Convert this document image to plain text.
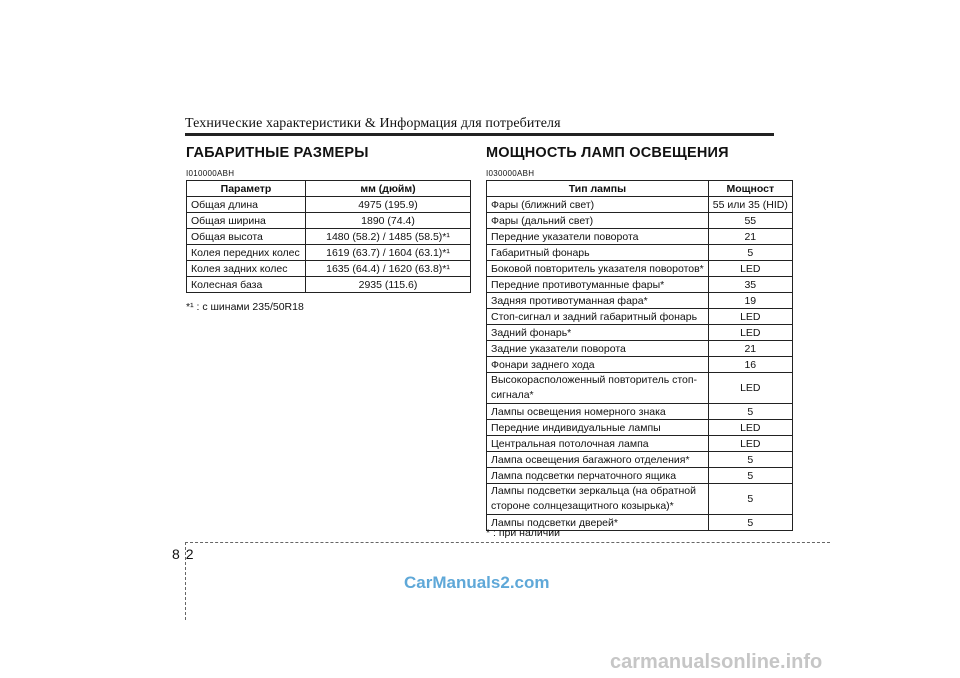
Технические характеристики & Информация для потребителя
ГАБАРИТНЫЕ РАЗМЕРЫ
I010000ABH
Параметр	мм (дюйм)
Общая длина	4975 (195.9)
Общая ширина	1890 (74.4)
Общая высота	1480 (58.2) / 1485 (58.5)*¹
Колея передних колес	1619 (63.7) / 1604 (63.1)*¹
Колея задних колес	1635 (64.4) / 1620 (63.8)*¹
Колесная база	2935 (115.6)
*¹ : с шинами 235/50R18
МОЩНОСТЬ ЛАМП ОСВЕЩЕНИЯ
I030000ABH
Тип лампы	Мощност
Фары (ближний свет)	55 или 35 (HID)
Фары (дальний свет)	55
Передние указатели поворота	21
Габаритный фонарь	5
Боковой повторитель указателя поворотов*	LED
Передние противотуманные фары*	35
Задняя противотуманная фара*	19
Стоп-сигнал и задний габаритный фонарь	LED
Задний фонарь*	LED
Задние указатели поворота	21
Фонари заднего хода	16
Высокорасположенный повторитель стоп-сигнала*	LED
Лампы освещения номерного знака	5
Передние индивидуальные лампы	LED
Центральная потолочная лампа	LED
Лампа освещения багажного отделения*	5
Лампа подсветки перчаточного ящика	5
Лампы подсветки зеркальца (на обратной стороне солнцезащитного козырька)*	5
Лампы подсветки дверей*	5
* : при наличии
82
CarManuals2.com
carmanualsonline.info
